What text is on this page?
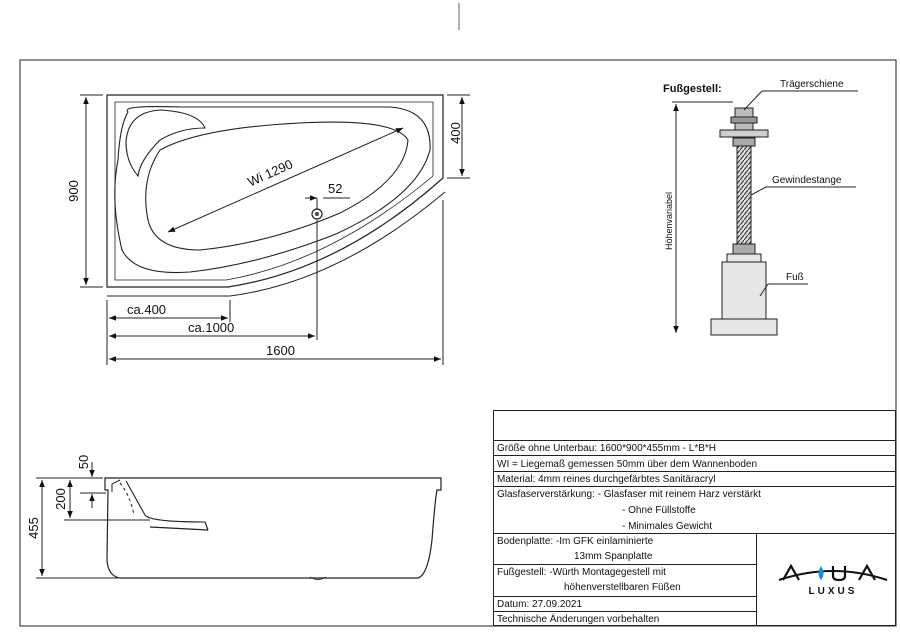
900
400
Wi 1290	52
ca.400
ca.1000
1600
Fußgestell:	Trägerschiene
Gewindestange
Fuß
Höhenvariabel
455
200
50
Größe ohne Unterbau: 1600*900*455mm - L*B*H
WI = Liegemaß gemessen 50mm über dem Wannenboden
Material: 4mm reines durchgefärbtes Sanitäracryl
Glasfaserverstärkung: - Glasfaser mit reinem Harz verstärkt
- Ohne Füllstoffe
- Minimales Gewicht
Bodenplatte: -Im GFK einlaminierte
13mm Spanplatte
Fußgestell: -Würth Montagegestell mit
höhenverstellbaren Füßen
Datum: 27.09.2021
Technische Änderungen vorbehalten
LUXUS
